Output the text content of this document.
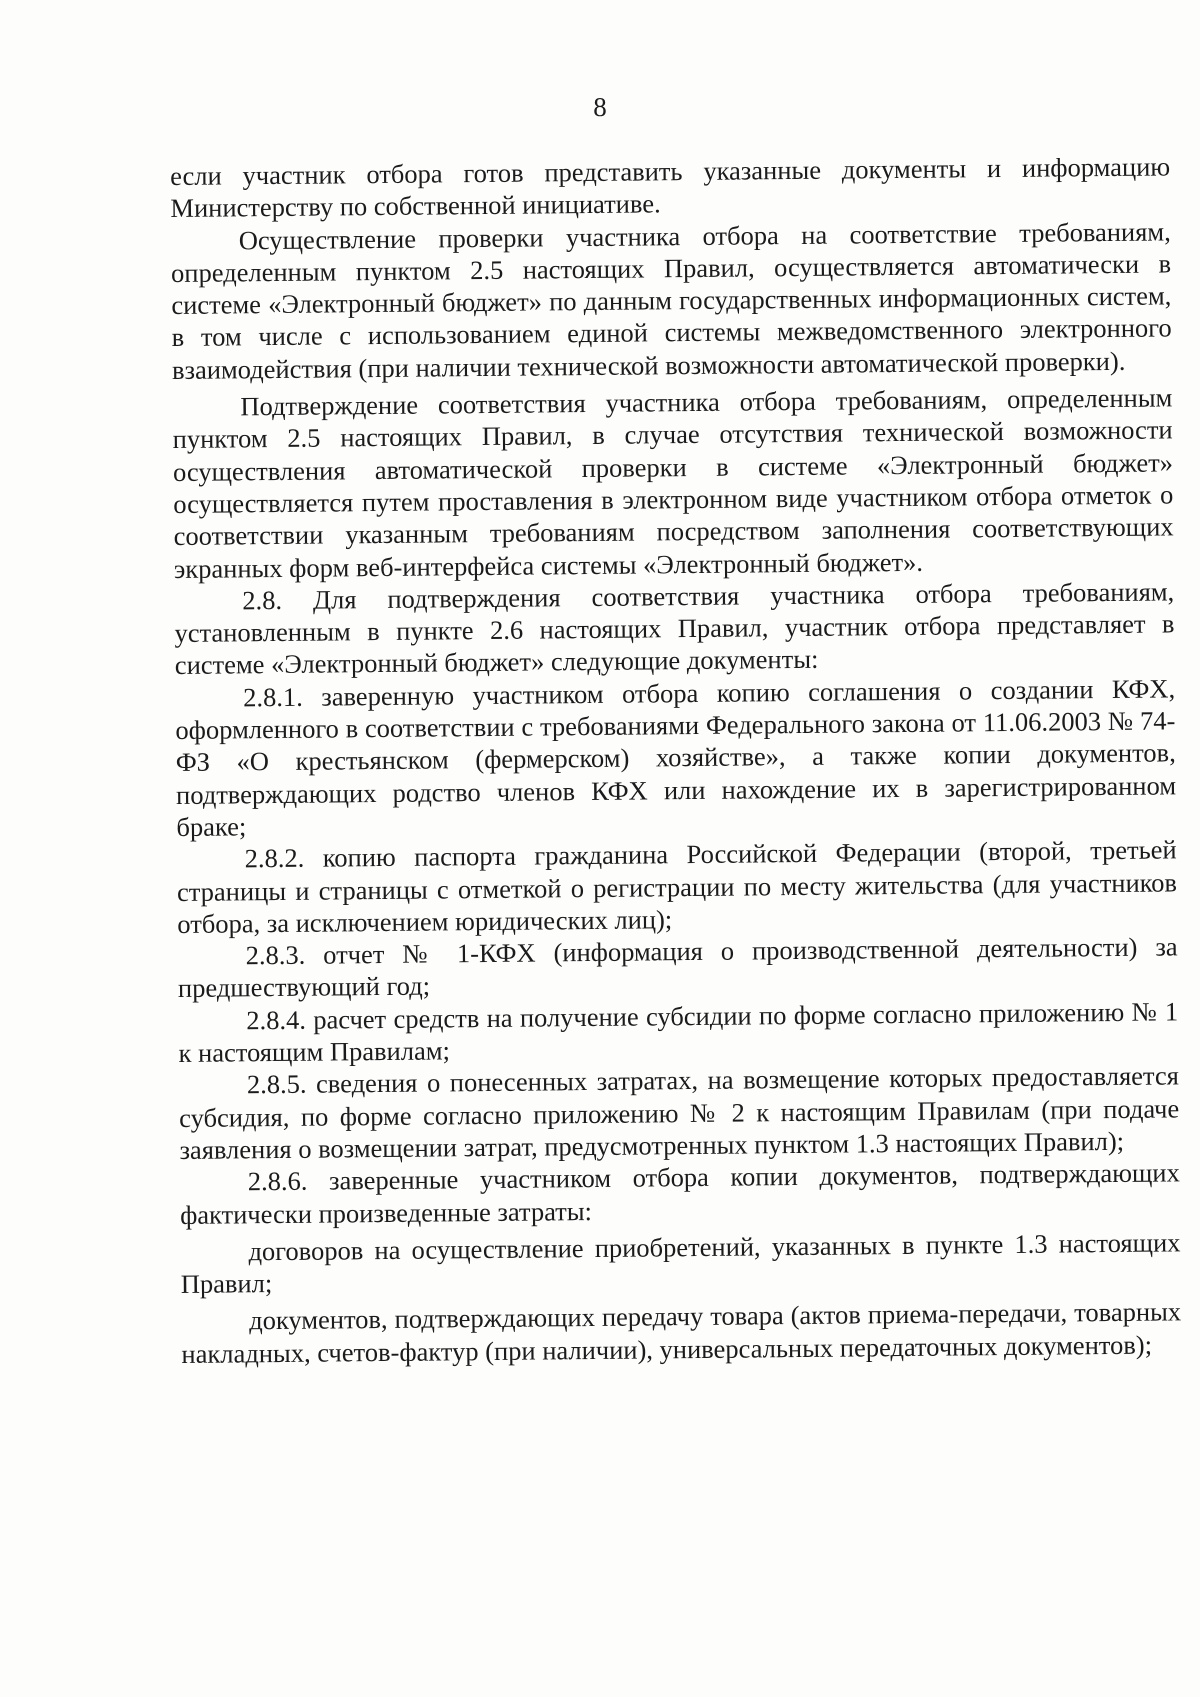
8

если участник отбора готов представить указанные документы и информацию Министерству по собственной инициативе.

Осуществление проверки участника отбора на соответствие требованиям, определенным пунктом 2.5 настоящих Правил, осуществляется автоматически в системе «Электронный бюджет» по данным государственных информационных систем, в том числе с использованием единой системы межведомственного электронного взаимодействия (при наличии технической возможности автоматической проверки).

Подтверждение соответствия участника отбора требованиям, определенным пунктом 2.5 настоящих Правил, в случае отсутствия технической возможности осуществления автоматической проверки в системе «Электронный бюджет» осуществляется путем проставления в электронном виде участником отбора отметок о соответствии указанным требованиям посредством заполнения соответствующих экранных форм веб-интерфейса системы «Электронный бюджет».

2.8. Для подтверждения соответствия участника отбора требованиям, установленным в пункте 2.6 настоящих Правил, участник отбора представляет в системе «Электронный бюджет» следующие документы:

2.8.1. заверенную участником отбора копию соглашения о создании КФХ, оформленного в соответствии с требованиями Федерального закона от 11.06.2003 № 74-ФЗ «О крестьянском (фермерском) хозяйстве», а также копии документов, подтверждающих родство членов КФХ или нахождение их в зарегистрированном браке;

2.8.2. копию паспорта гражданина Российской Федерации (второй, третьей страницы и страницы с отметкой о регистрации по месту жительства (для участников отбора, за исключением юридических лиц);

2.8.3. отчет № 1-КФХ (информация о производственной деятельности) за предшествующий год;

2.8.4. расчет средств на получение субсидии по форме согласно приложению № 1 к настоящим Правилам;

2.8.5. сведения о понесенных затратах, на возмещение которых предоставляется субсидия, по форме согласно приложению № 2 к настоящим Правилам (при подаче заявления о возмещении затрат, предусмотренных пунктом 1.3 настоящих Правил);

2.8.6. заверенные участником отбора копии документов, подтверждающих фактически произведенные затраты:

договоров на осуществление приобретений, указанных в пункте 1.3 настоящих Правил;

документов, подтверждающих передачу товара (актов приема-передачи, товарных накладных, счетов-фактур (при наличии), универсальных передаточных документов);
